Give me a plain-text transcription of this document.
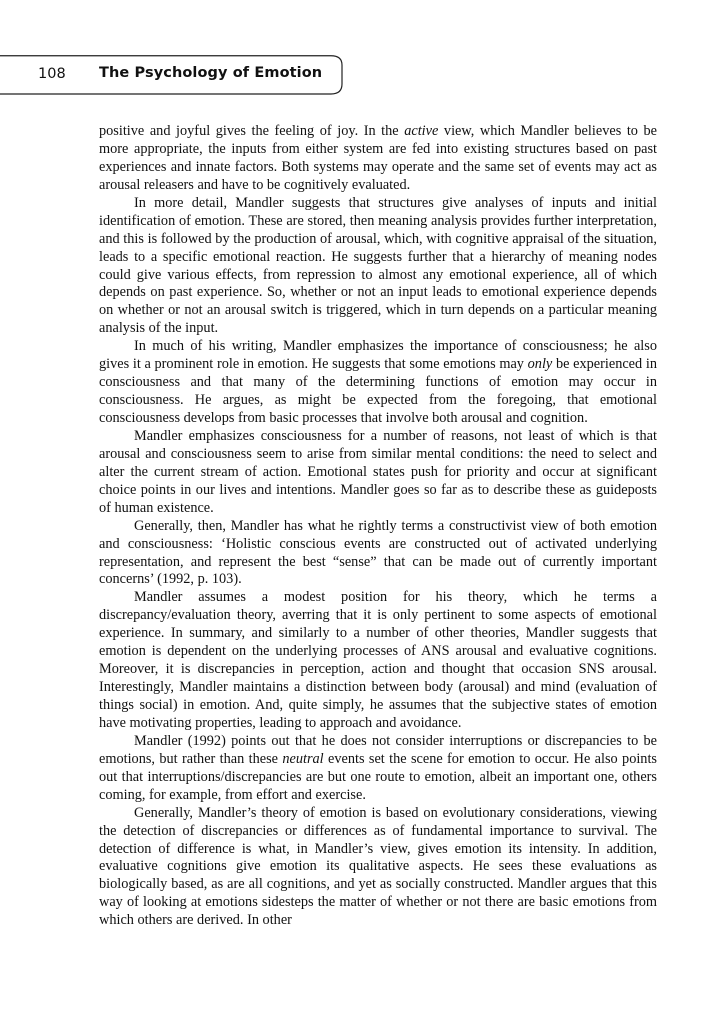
108 The Psychology of Emotion

positive and joyful gives the feeling of joy. In the active view, which Mandler believes to be more appropriate, the inputs from either system are fed into existing structures based on past experiences and innate factors. Both systems may operate and the same set of events may act as arousal releasers and have to be cognitively evaluated.

In more detail, Mandler suggests that structures give analyses of inputs and initial identification of emotion. These are stored, then meaning analysis provides further interpretation, and this is followed by the production of arousal, which, with cognitive appraisal of the situation, leads to a specific emotional reaction. He suggests further that a hierarchy of meaning nodes could give various effects, from repression to almost any emotional experience, all of which depends on past experience. So, whether or not an input leads to emotional experience depends on whether or not an arousal switch is triggered, which in turn depends on a particular meaning analysis of the input.

In much of his writing, Mandler emphasizes the importance of consciousness; he also gives it a prominent role in emotion. He suggests that some emotions may only be experienced in consciousness and that many of the determining functions of emotion may occur in consciousness. He argues, as might be expected from the foregoing, that emotional consciousness develops from basic processes that involve both arousal and cognition.

Mandler emphasizes consciousness for a number of reasons, not least of which is that arousal and consciousness seem to arise from similar mental conditions: the need to select and alter the current stream of action. Emotional states push for priority and occur at significant choice points in our lives and intentions. Mandler goes so far as to describe these as guideposts of human existence.

Generally, then, Mandler has what he rightly terms a constructivist view of both emotion and consciousness: ‘Holistic conscious events are constructed out of activated underlying representation, and represent the best “sense” that can be made out of currently important concerns’ (1992, p. 103).

Mandler assumes a modest position for his theory, which he terms a discrepancy/evaluation theory, averring that it is only pertinent to some aspects of emotional experience. In summary, and similarly to a number of other theories, Mandler suggests that emotion is dependent on the underlying processes of ANS arousal and evaluative cognitions. Moreover, it is discrepancies in perception, action and thought that occasion SNS arousal. Interestingly, Mandler maintains a distinction between body (arousal) and mind (evaluation of things social) in emotion. And, quite simply, he assumes that the subjective states of emotion have motivating properties, leading to approach and avoidance.

Mandler (1992) points out that he does not consider interruptions or discrepancies to be emotions, but rather than these neutral events set the scene for emotion to occur. He also points out that interruptions/discrepancies are but one route to emotion, albeit an important one, others coming, for example, from effort and exercise.

Generally, Mandler’s theory of emotion is based on evolutionary considerations, viewing the detection of discrepancies or differences as of fundamental importance to survival. The detection of difference is what, in Mandler’s view, gives emotion its intensity. In addition, evaluative cognitions give emotion its qualitative aspects. He sees these evaluations as biologically based, as are all cognitions, and yet as socially constructed. Mandler argues that this way of looking at emotions sidesteps the matter of whether or not there are basic emotions from which others are derived. In other
